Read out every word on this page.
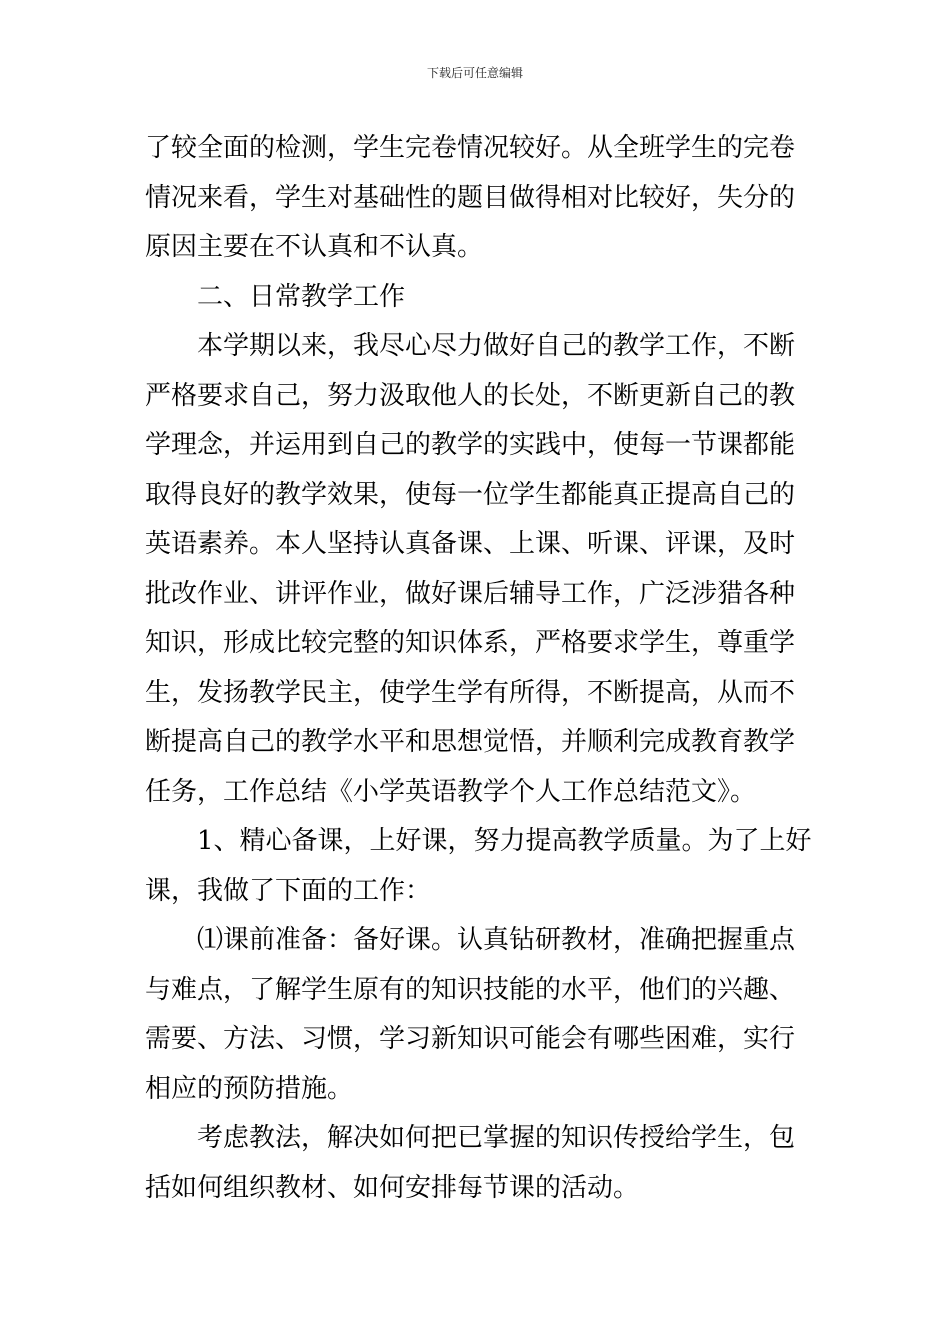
下载后可任意编辑
了较全面的检测，学生完卷情况较好。从全班学生的完卷
情况来看，学生对基础性的题目做得相对比较好，失分的
原因主要在不认真和不认真。
二、日常教学工作
本学期以来，我尽心尽力做好自己的教学工作，不断
严格要求自己，努力汲取他人的长处，不断更新自己的教
学理念，并运用到自己的教学的实践中，使每一节课都能
取得良好的教学效果，使每一位学生都能真正提高自己的
英语素养。本人坚持认真备课、上课、听课、评课，及时
批改作业、讲评作业，做好课后辅导工作，广泛涉猎各种
知识，形成比较完整的知识体系，严格要求学生，尊重学
生，发扬教学民主，使学生学有所得，不断提高，从而不
断提高自己的教学水平和思想觉悟，并顺利完成教育教学
任务，工作总结《小学英语教学个人工作总结范文》。
1、精心备课，上好课，努力提高教学质量。为了上好
课，我做了下面的工作：
⑴课前准备：备好课。认真钻研教材，准确把握重点
与难点，了解学生原有的知识技能的水平，他们的兴趣、
需要、方法、习惯，学习新知识可能会有哪些困难，实行
相应的预防措施。
考虑教法，解决如何把已掌握的知识传授给学生，包
括如何组织教材、如何安排每节课的活动。
